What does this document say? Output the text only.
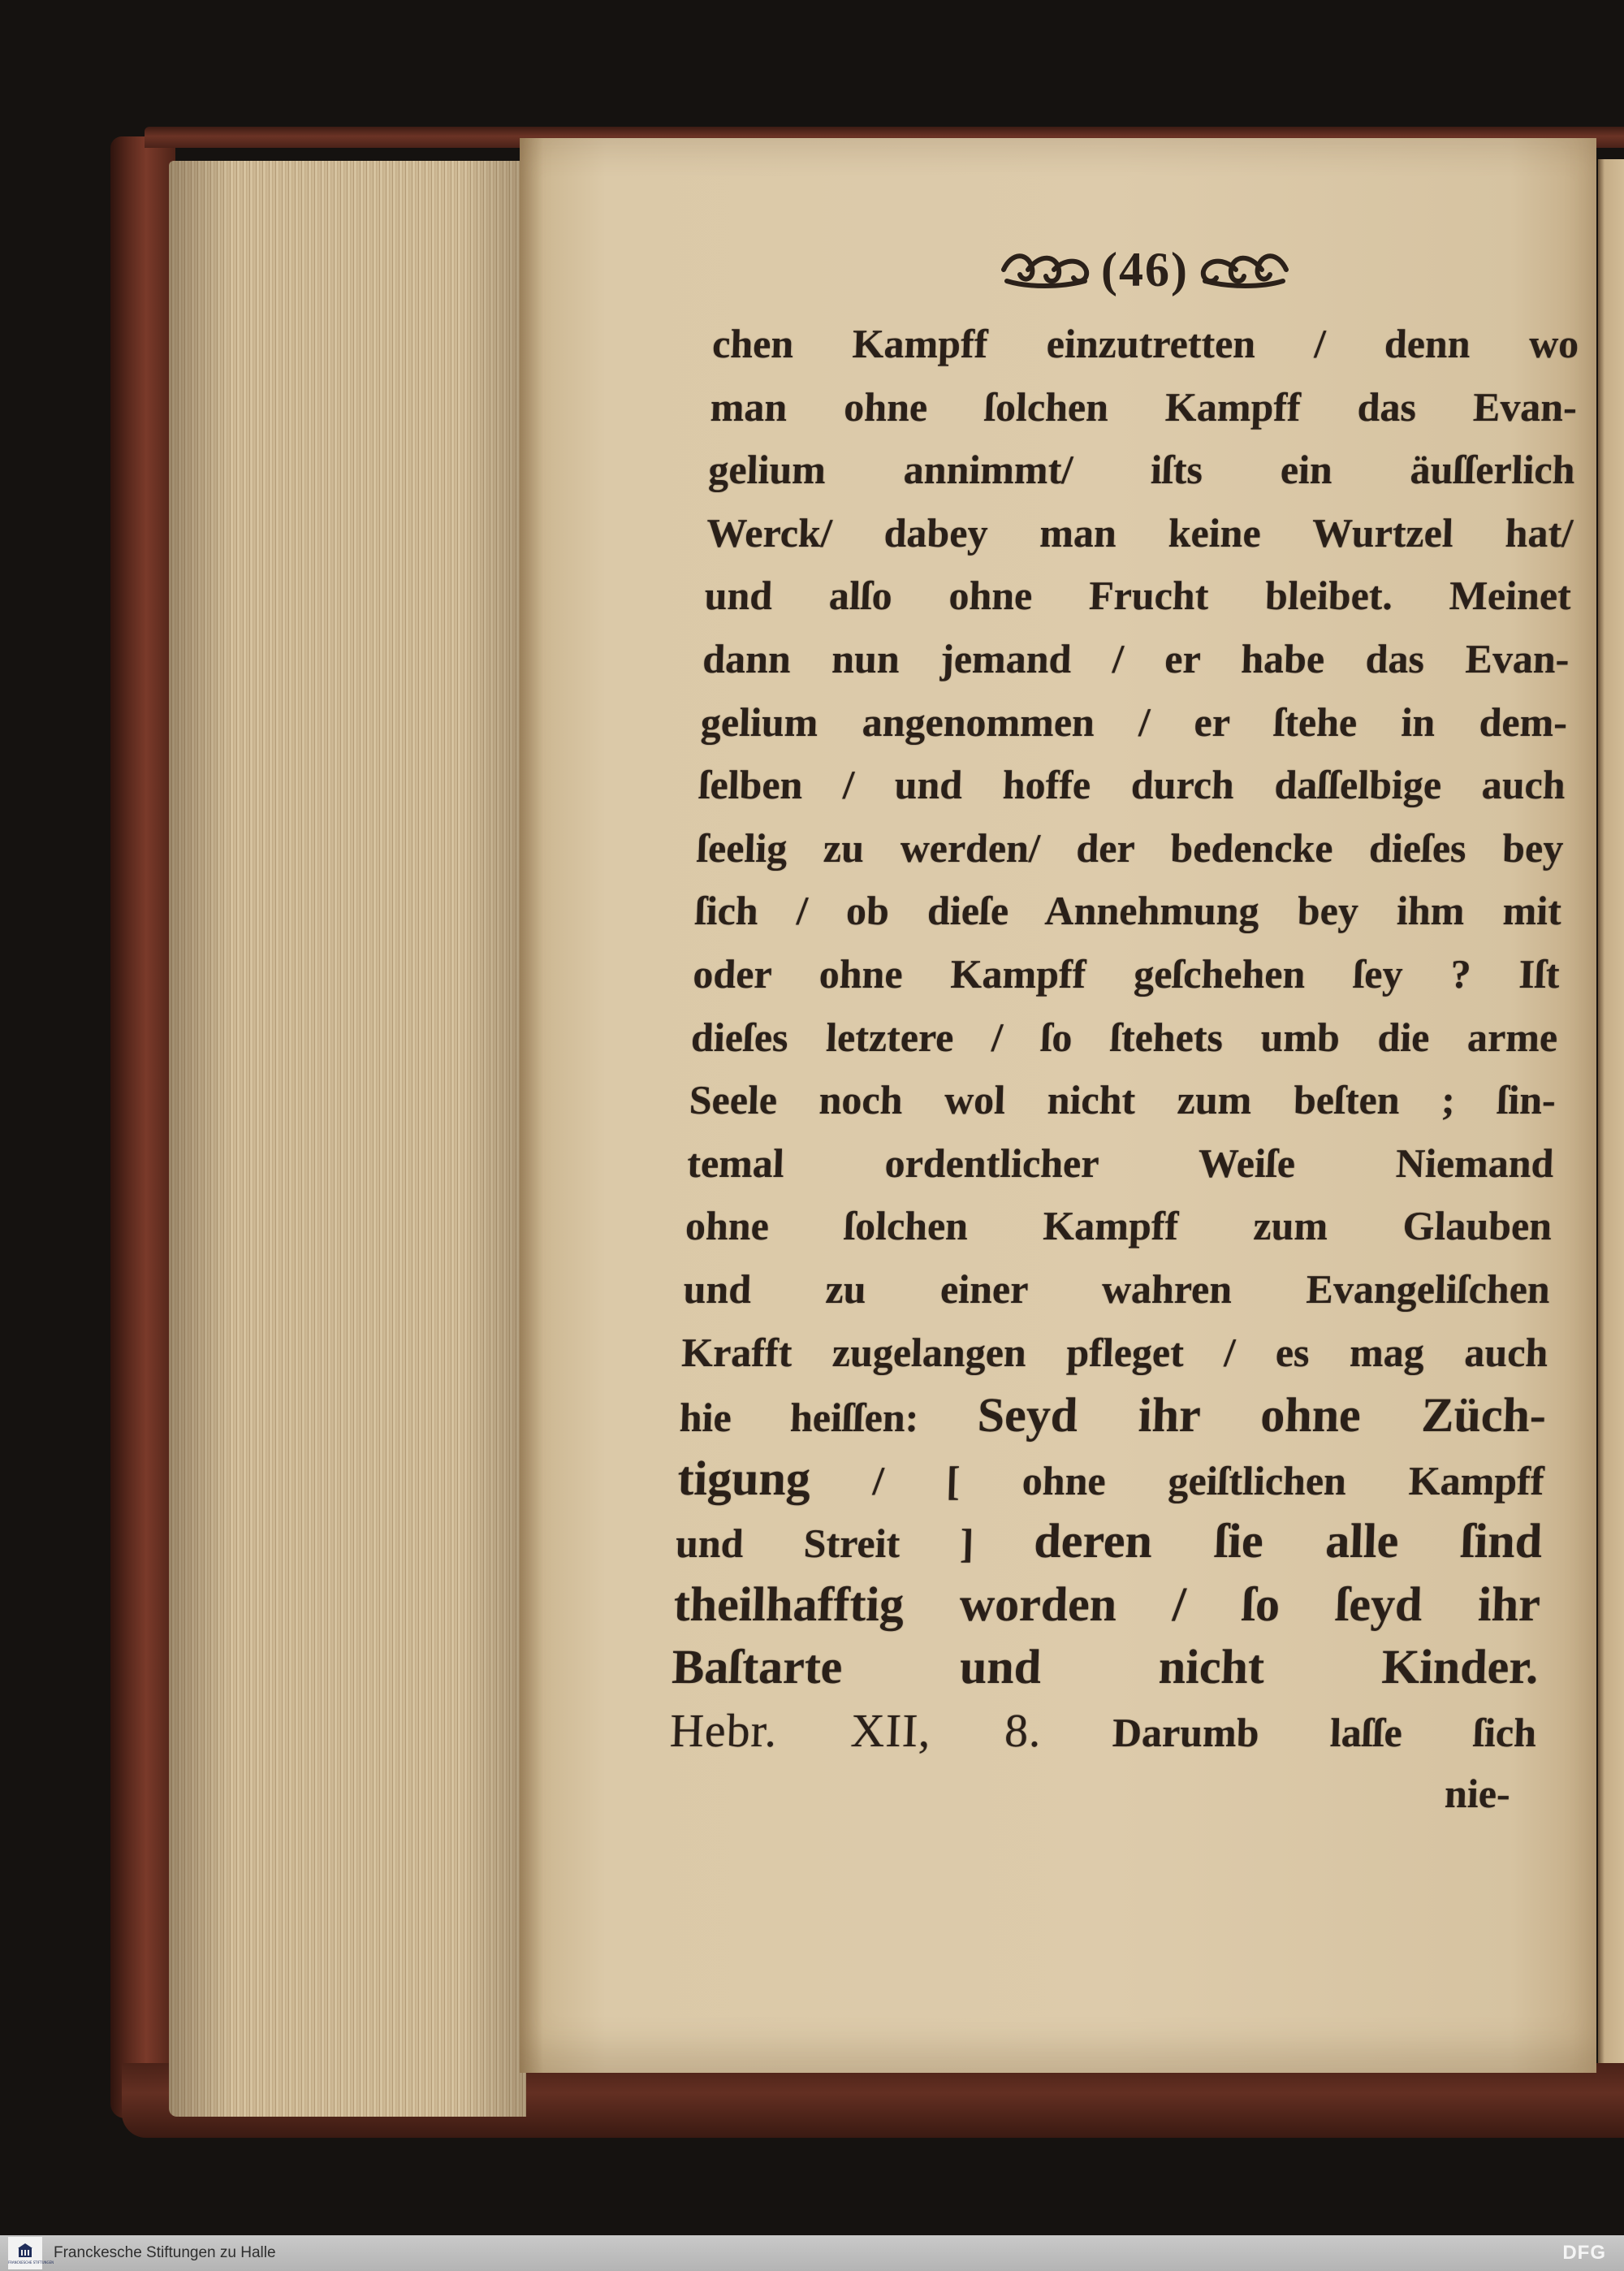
(46)
chen Kampff einzutretten / denn wo
man ohne ſolchen Kampff das Evan-
gelium annimmt/ iſts ein äuſſerlich
Werck/ dabey man keine Wurtzel hat/
und alſo ohne Frucht bleibet. Meinet
dann nun jemand / er habe das Evan-
gelium angenommen / er ſtehe in dem-
ſelben / und hoffe durch daſſelbige auch
ſeelig zu werden/ der bedencke dieſes bey
ſich / ob dieſe Annehmung bey ihm mit
oder ohne Kampff geſchehen ſey ? Iſt
dieſes letztere / ſo ſtehets umb die arme
Seele noch wol nicht zum beſten ; ſin-
temal ordentlicher Weiſe Niemand
ohne ſolchen Kampff zum Glauben
und zu einer wahren Evangeliſchen
Krafft zugelangen pfleget / es mag auch
hie heiſſen: Seyd ihr ohne Züch-
tigung / [ ohne geiſtlichen Kampff
und Streit ] deren ſie alle ſind
theilhafftig worden / ſo ſeyd ihr
Baſtarte und nicht Kinder.
Hebr. XII, 8. Darumb laſſe ſich
nie-
FRANCKESCHE STIFTUNGEN
Franckesche Stiftungen zu Halle	DFG
